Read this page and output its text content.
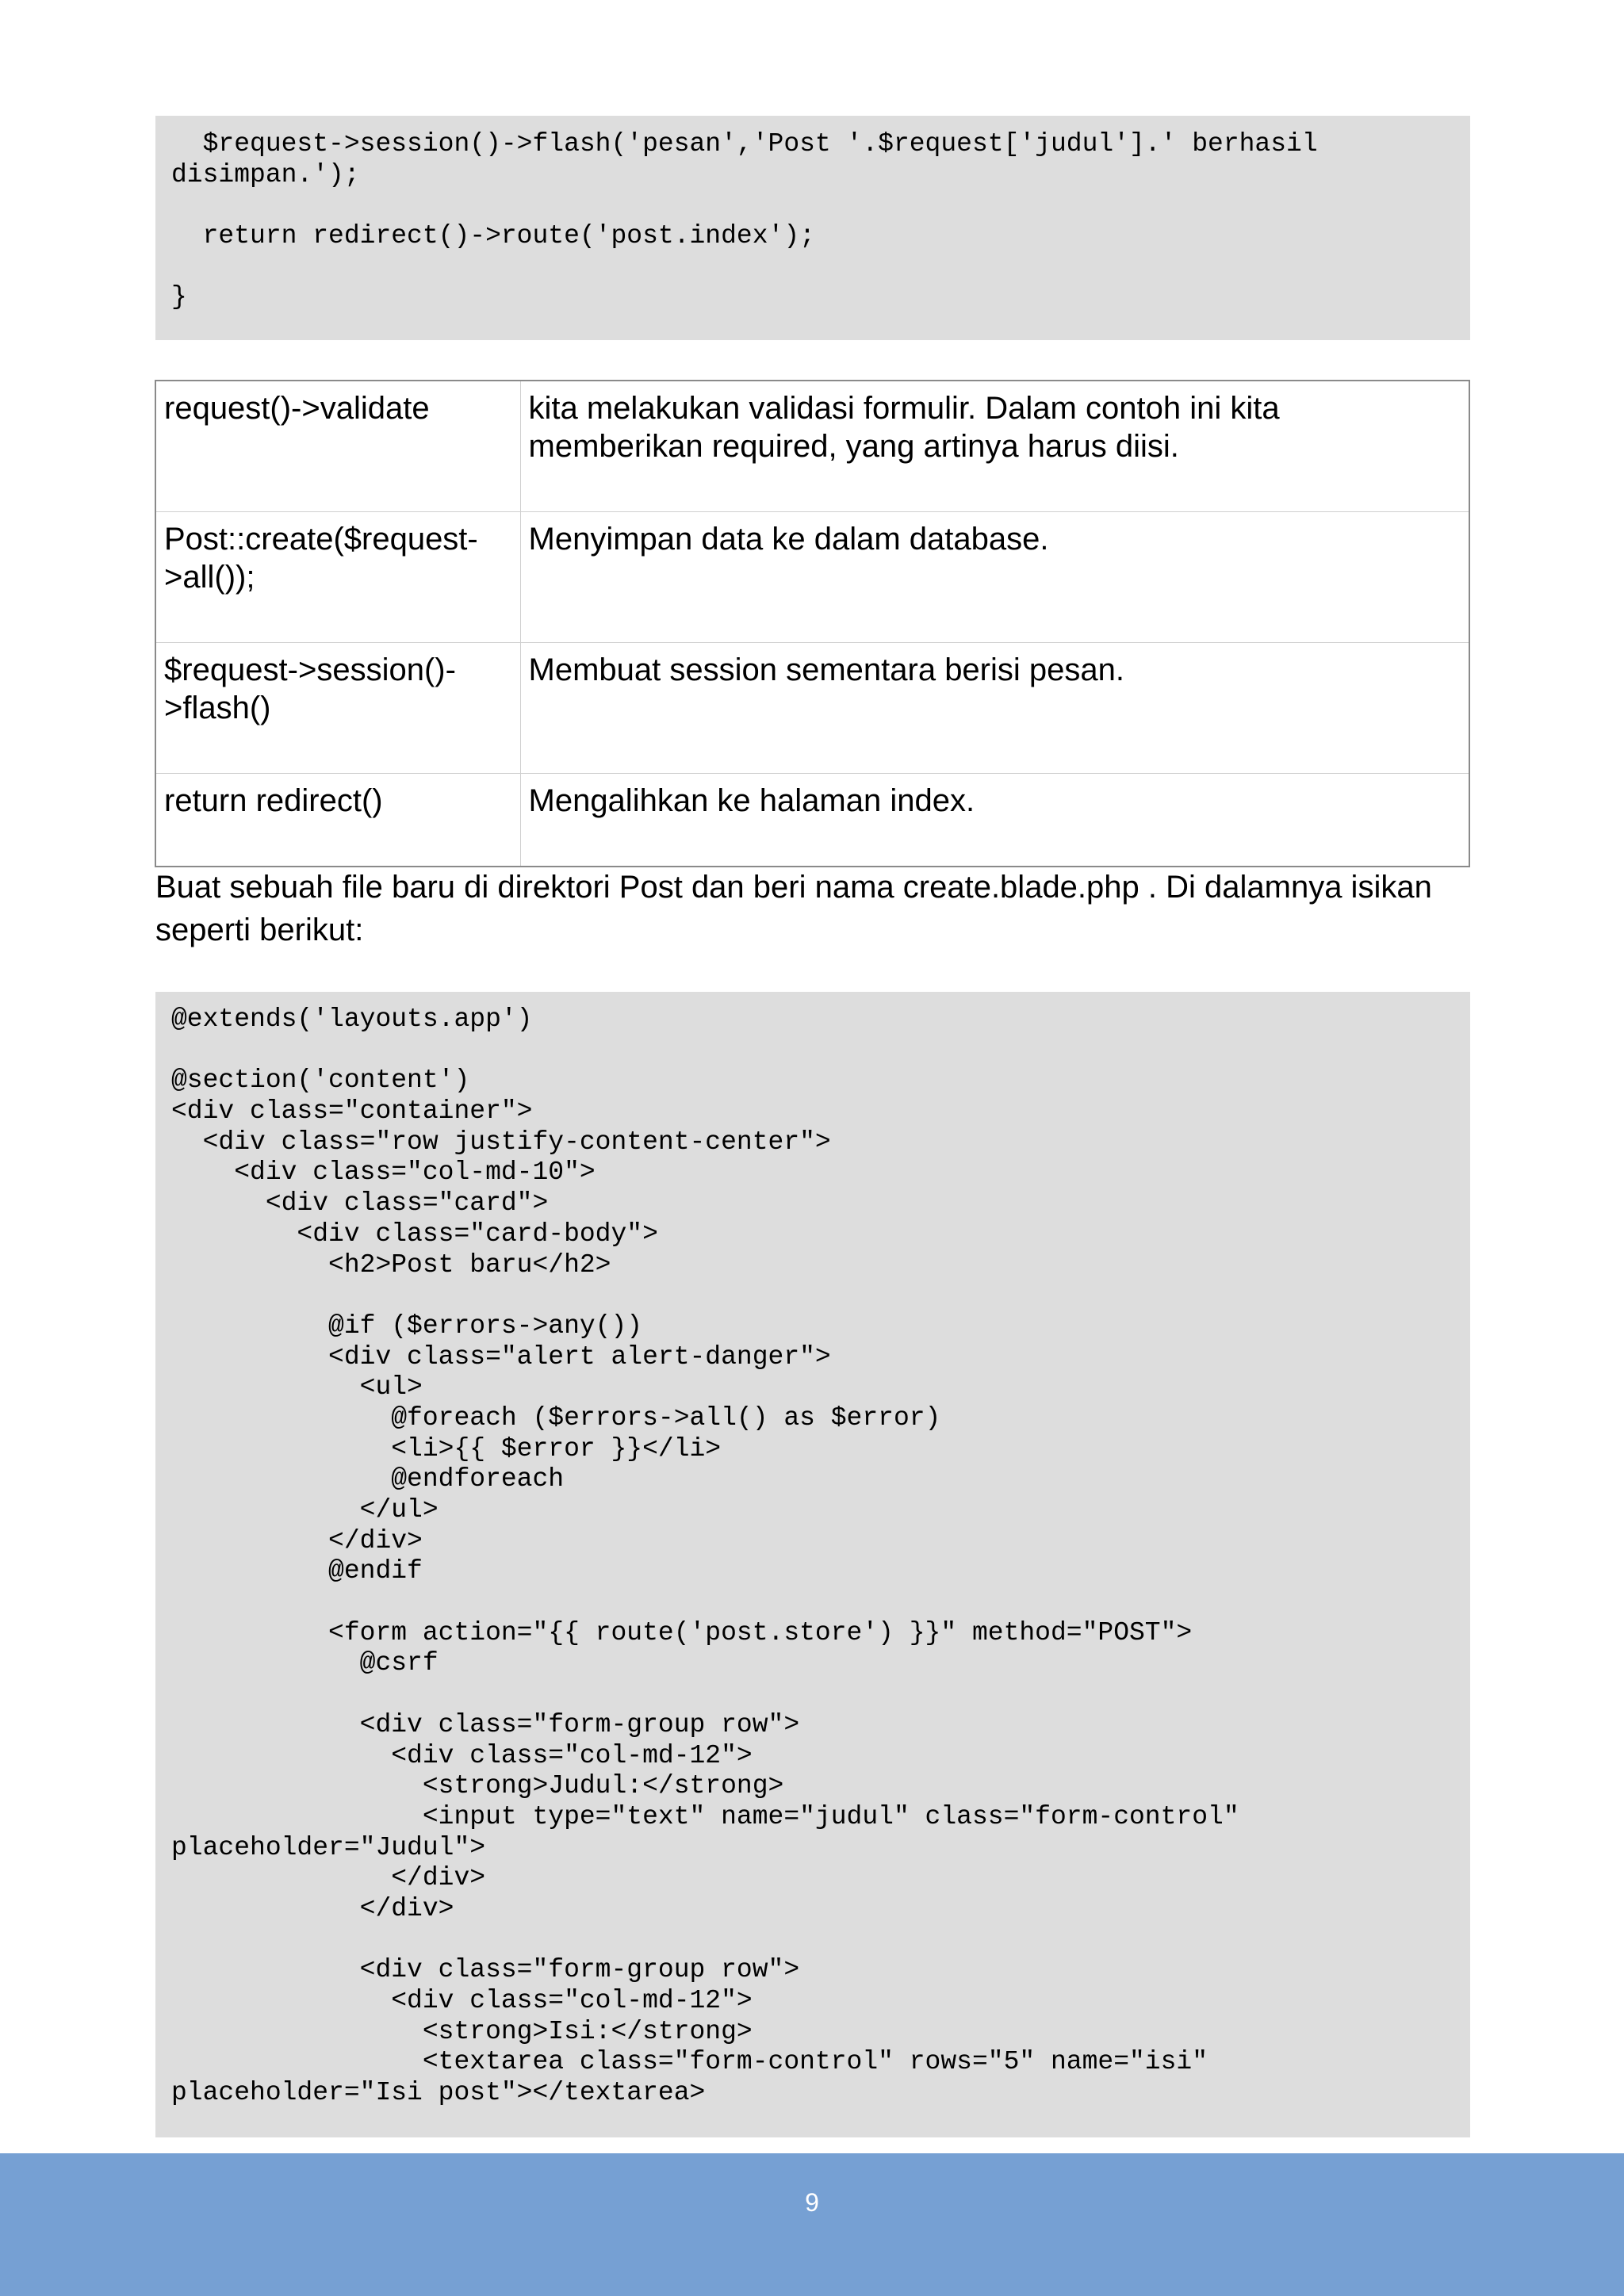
$request->session()->flash('pesan','Post '.$request['judul'].' berhasil
disimpan.');

return redirect()->route('post.index');

}
request()->validate	kita melakukan validasi formulir. Dalam contoh ini kita memberikan required, yang artinya harus diisi.
Post::create($request->all());	Menyimpan data ke dalam database.
$request->session()->flash()	Membuat session sementara berisi pesan.
return redirect()	Mengalihkan ke halaman index.

Buat sebuah file baru di direktori Post dan beri nama create.blade.php . Di dalamnya isikan seperti berikut:

@extends('layouts.app')

@section('content')
<div class="container">
<div class="row justify-content-center">
<div class="col-md-10">
<div class="card">
<div class="card-body">
<h2>Post baru</h2>

@if ($errors->any())
<div class="alert alert-danger">
<ul>
@foreach ($errors->all() as $error)
<li>{{ $error }}</li>
@endforeach
</ul>
</div>
@endif

<form action="{{ route('post.store') }}" method="POST">
@csrf

<div class="form-group row">
<div class="col-md-12">
<strong>Judul:</strong>
<input type="text" name="judul" class="form-control"
placeholder="Judul">
</div>
</div>

<div class="form-group row">
<div class="col-md-12">
<strong>Isi:</strong>
<textarea class="form-control" rows="5" name="isi"
placeholder="Isi post"></textarea>
9
